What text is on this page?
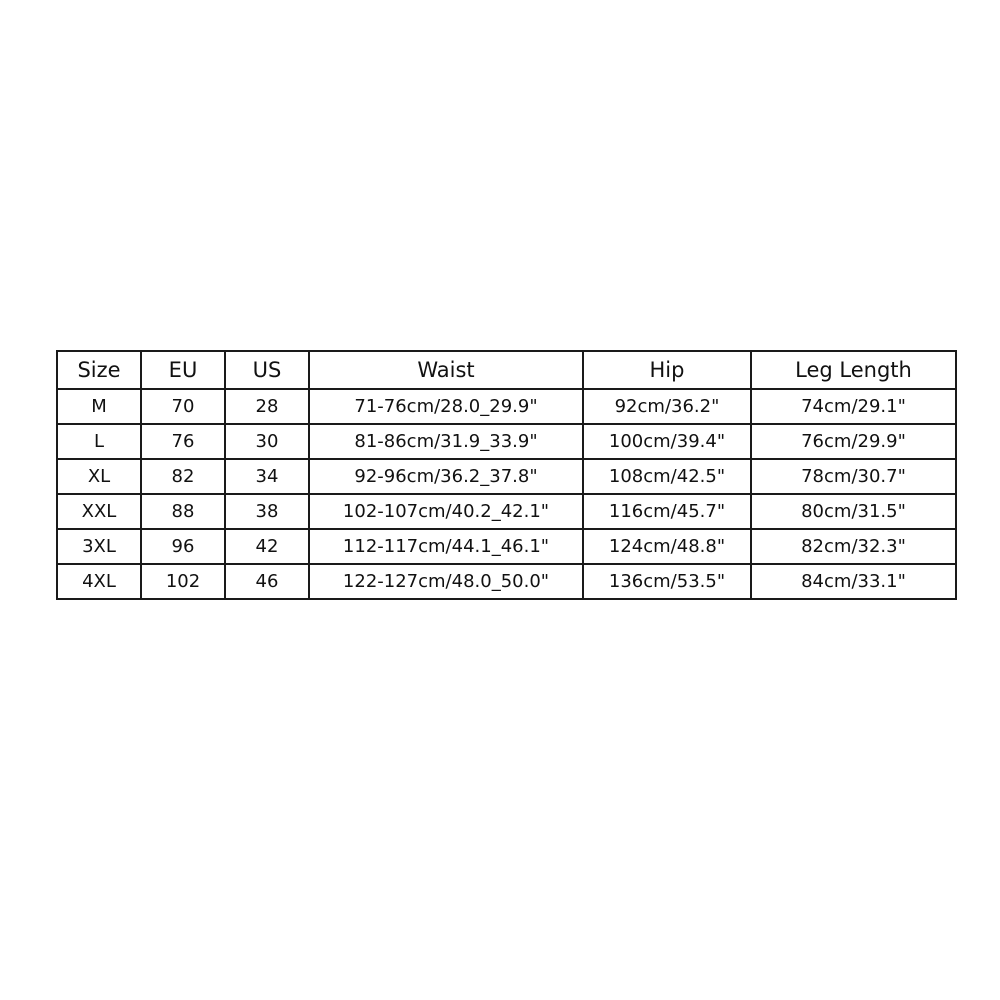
Size	EU	US	Waist	Hip	Leg Length
M	70	28	71-76cm/28.0_29.9"	92cm/36.2"	74cm/29.1"
L	76	30	81-86cm/31.9_33.9"	100cm/39.4"	76cm/29.9"
XL	82	34	92-96cm/36.2_37.8"	108cm/42.5"	78cm/30.7"
XXL	88	38	102-107cm/40.2_42.1"	116cm/45.7"	80cm/31.5"
3XL	96	42	112-117cm/44.1_46.1"	124cm/48.8"	82cm/32.3"
4XL	102	46	122-127cm/48.0_50.0"	136cm/53.5"	84cm/33.1"
